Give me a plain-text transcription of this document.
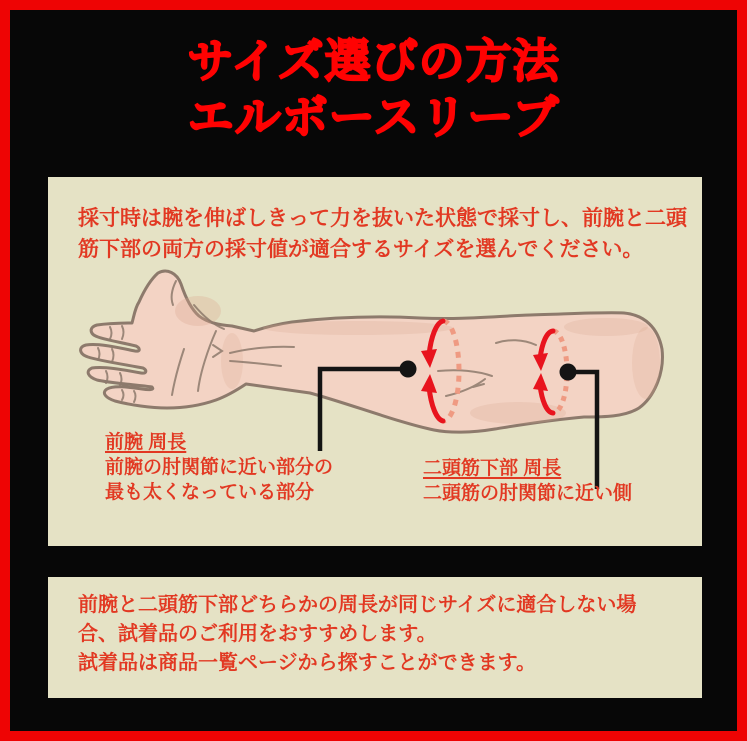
サイズ選びの方法
エルボースリーブ
採寸時は腕を伸ばしきって力を抜いた状態で採寸し、前腕と二頭
筋下部の両方の採寸値が適合するサイズを選んでください。
前腕 周長
前腕の肘関節に近い部分の
最も太くなっている部分
二頭筋下部 周長
二頭筋の肘関節に近い側
前腕と二頭筋下部どちらかの周長が同じサイズに適合しない場
合、試着品のご利用をおすすめします。
試着品は商品一覧ページから探すことができます。
